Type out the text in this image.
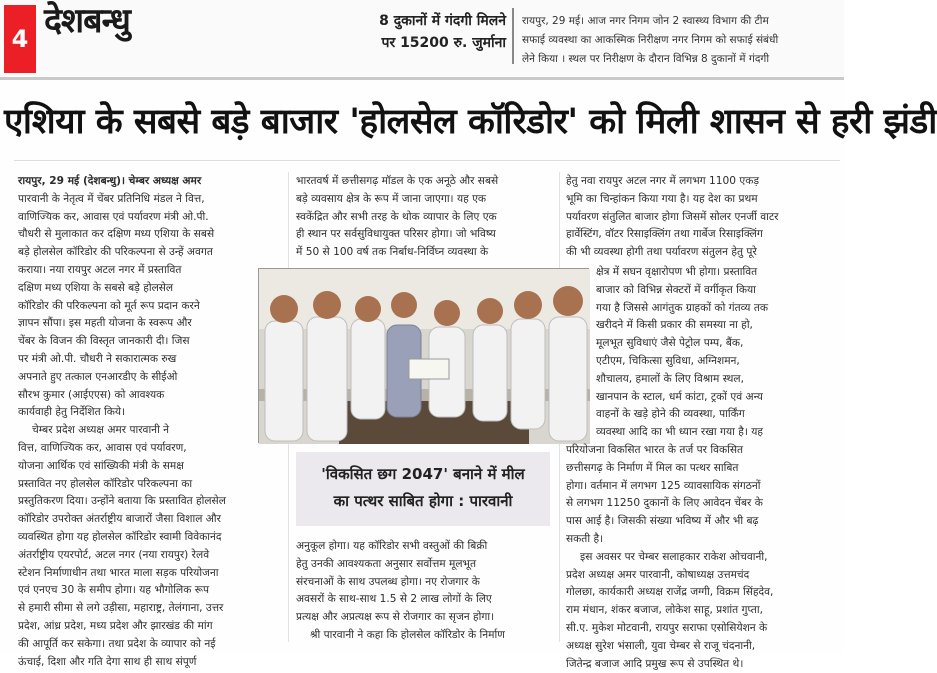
4 देशबन्धु	8 दुकानों में गंदगी मिलने
पर 15200 रु. जुर्माना
रायपुर, 29 मई। आज नगर निगम जोन 2 स्वास्थ्य विभाग की टीम
सफाई व्यवस्था का आकस्मिक निरीक्षण नगर निगम को सफाई संबंधी
लेने किया । स्थल पर निरीक्षण के दौरान विभिन्न 8 दुकानों में गंदगी
एशिया के सबसे बड़े बाजार 'होलसेल कॉरिडोर' को मिली शासन से हरी झंडी
रायपुर, 29 मई (देशबन्धु)। चेम्बर अध्यक्ष अमर
पारवानी के नेतृत्व में चेंबर प्रतिनिधि मंडल ने वित्त,
वाणिज्यिक कर, आवास एवं पर्यावरण मंत्री ओ.पी.
चौधरी से मुलाकात कर दक्षिण मध्य एशिया के सबसे
बड़े होलसेल कॉरिडोर की परिकल्पना से उन्हें अवगत
कराया। नया रायपुर अटल नगर में प्रस्तावित
दक्षिण मध्य एशिया के सबसे बड़े होलसेल
कॉरिडोर की परिकल्पना को मूर्त रूप प्रदान करने
ज्ञापन सौंपा। इस महती योजना के स्वरूप और
चेंबर के विजन की विस्तृत जानकारी दी। जिस
पर मंत्री ओ.पी. चौधरी ने सकारात्मक रुख
अपनाते हुए तत्काल एनआरडीए के सीईओ
सौरभ कुमार (आईएएस) को आवश्यक
कार्यवाही हेतु निर्देशित किये।
चेम्बर प्रदेश अध्यक्ष अमर पारवानी ने
वित्त, वाणिज्यिक कर, आवास एवं पर्यावरण,
योजना आर्थिक एवं सांख्यिकी मंत्री के समक्ष
प्रस्तावित नए होलसेल कॉरिडोर परिकल्पना का
प्रस्तुतिकरण दिया। उन्होंने बताया कि प्रस्तावित होलसेल
कॉरिडोर उपरोक्त अंतर्राष्ट्रीय बाजारों जैसा विशाल और
व्यवस्थित होगा यह होलसेल कॉरिडोर स्वामी विवेकानंद
अंतर्राष्ट्रीय एयरपोर्ट, अटल नगर (नया रायपुर) रेलवे
स्टेशन निर्माणाधीन तथा भारत माला सड़क परियोजना
एवं एनएच 30 के समीप होगा। यह भौगोलिक रूप
से हमारी सीमा से लगे उड़ीसा, महाराष्ट्र, तेलंगाना, उत्तर
प्रदेश, आंध्र प्रदेश, मध्य प्रदेश और झारखंड की मांग
की आपूर्ति कर सकेगा। तथा प्रदेश के व्यापार को नई
ऊंचाई, दिशा और गति देगा साथ ही साथ संपूर्ण
भारतवर्ष में छत्तीसगढ़ मॉडल के एक अनूठे और सबसे
बड़े व्यवसाय क्षेत्र के रूप में जाना जाएगा। यह एक
स्वकेंद्रित और सभी तरह के थोक व्यापार के लिए एक
ही स्थान पर सर्वसुविधायुक्त परिसर होगा। जो भविष्य
में 50 से 100 वर्ष तक निर्बाध-निर्विघ्न व्यवस्था के
हेतु नवा रायपुर अटल नगर में लगभग 1100 एकड़
भूमि का चिन्हांकन किया गया है। यह देश का प्रथम
पर्यावरण संतुलित बाजार होगा जिसमें सोलर एनर्जी वाटर
हार्वेस्टिंग, वॉटर रिसाइक्लिंग तथा गार्बेज रिसाइक्लिंग
की भी व्यवस्था होगी तथा पर्यावरण संतुलन हेतु पूरे
'विकसित छग 2047' बनाने में मील
का पत्थर साबित होगा : पारवानी
अनुकूल होगा। यह कॉरिडोर सभी वस्तुओं की बिक्री
हेतु उनकी आवश्यकता अनुसार सर्वोत्तम मूलभूत
संरचनाओं के साथ उपलब्ध होगा। नए रोजगार के
अवसरों के साथ-साथ 1.5 से 2 लाख लोगों के लिए
प्रत्यक्ष और अप्रत्यक्ष रूप से रोजगार का सृजन होगा।
श्री पारवानी ने कहा कि होलसेल कॉरिडोर के निर्माण
क्षेत्र में सघन वृक्षारोपण भी होगा। प्रस्तावित
बाजार को विभिन्न सेक्टरों में वर्गीकृत किया
गया है जिससे आगंतुक ग्राहकों को गंतव्य तक
खरीदने में किसी प्रकार की समस्या ना हो,
मूलभूत सुविधाएं जैसे पेट्रोल पम्प, बैंक,
एटीएम, चिकित्सा सुविधा, अग्निशमन,
शौचालय, हमालों के लिए विश्राम स्थल,
खानपान के स्टाल, धर्म कांटा, ट्रकों एवं अन्य
वाहनों के खड़े होने की व्यवस्था, पार्किंग
व्यवस्था आदि का भी ध्यान रखा गया है। यह
परियोजना विकसित भारत के तर्ज पर विकसित
छत्तीसगढ़ के निर्माण में मिल का पत्थर साबित
होगा। वर्तमान में लगभग 125 व्यावसायिक संगठनों
से लगभग 11250 दुकानों के लिए आवेदन चेंबर के
पास आई है। जिसकी संख्या भविष्य में और भी बढ़
सकती है।
इस अवसर पर चेम्बर सलाहकार राकेश ओचवानी,
प्रदेश अध्यक्ष अमर पारवानी, कोषाध्यक्ष उत्तमचंद
गोलछा, कार्यकारी अध्यक्ष राजेंद्र जग्गी, विक्रम सिंहदेव,
राम मंधान, शंकर बजाज, लोकेश साहू, प्रशांत गुप्ता,
सी.ए. मुकेश मोटवानी, रायपुर सराफा एसोसियेशन के
अध्यक्ष सुरेश भंसाली, युवा चेम्बर से राजू चंदनानी,
जितेन्द्र बजाज आदि प्रमुख रूप से उपस्थित थे।
